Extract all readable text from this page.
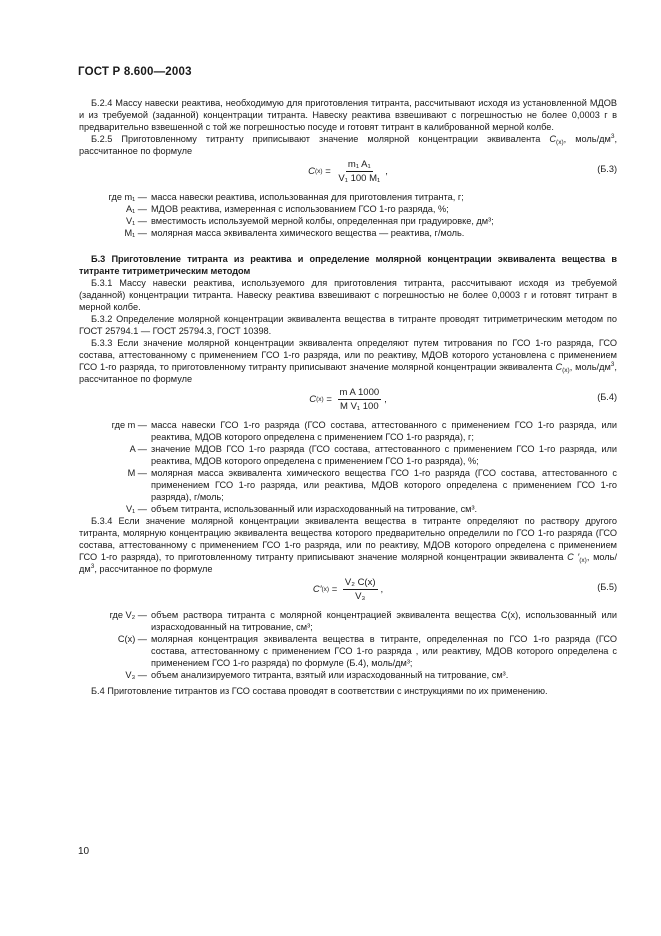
ГОСТ Р 8.600—2003

Б.2.4 Массу навески реактива, необходимую для приготовления титранта, рассчитывают исходя из установленной МДОВ и из требуемой (заданной) концентрации титранта. Навеску реактива взвешивают с погрешностью не более 0,0003 г в предварительно взвешенной с той же погрешностью посуде и готовят титрант в калиброванной мерной колбе.

Б.2.5 Приготовленному титранту приписывают значение молярной концентрации эквивалента $C_{(x)}$, моль/$дм^3$, рассчитанное по формуле

C $(x) = \frac{\text{m₁ A₁}}{\text{V₁ 100 M₁}}$ ,	(Б.3)
где m₁ — масса навески реактива, использованная для приготовления титранта, г;
A₁ — МДОВ реактива, измеренная с использованием ГСО 1-го разряда, %;
V₁ — вместимость используемой мерной колбы, определенная при градуировке, дм³;
M₁ — молярная масса эквивалента химического вещества — реактива, г/моль.

Б.3 Приготовление титранта из реактива и определение молярной концентрации эквивалента вещества в титранте титриметрическим методом

Б.3.1 Массу навески реактива, используемого для приготовления титранта, рассчитывают исходя из требуемой (заданной) концентрации титранта. Навеску реактива взвешивают с погрешностью не более 0,0003 г и готовят титрант в мерной колбе.

Б.3.2 Определение молярной концентрации эквивалента вещества в титранте проводят титриметрическим методом по ГОСТ 25794.1 — ГОСТ 25794.3, ГОСТ 10398.

Б.3.3 Если значение молярной концентрации эквивалента определяют путем титрования по ГСО 1-го разряда, ГСО состава, аттестованному с применением ГСО 1-го разряда, или по реактиву, МДОВ которого установлена с применением ГСО 1-го разряда, то приготовленному титранту приписывают значение молярной концентрации эквивалента $C_{(x)}$, моль/$дм^3$, рассчитанное по формуле

C $(x) = \frac{\text{m A 1000}}{\text{M V₁ 100}}$ ,	(Б.4)
где m — масса навески ГСО 1-го разряда (ГСО состава, аттестованного с применением ГСО 1-го разряда, или реактива, МДОВ которого определена с применением ГСО 1-го разряда), г;
A — значение МДОВ ГСО 1-го разряда (ГСО состава, аттестованного с применением ГСО 1-го разряда, или реактива, МДОВ которого определена с применением ГСО 1-го разряда), %;
M — молярная масса эквивалента химического вещества ГСО 1-го разряда (ГСО состава, аттестованного с применением ГСО 1-го разряда, или реактива, МДОВ которого определена с применением ГСО 1-го разряда), г/моль;
V₁ — объем титранта, использованный или израсходованный на титрование, см³.

Б.3.4 Если значение молярной концентрации эквивалента вещества в титранте определяют по раствору другого титранта, молярную концентрацию эквивалента вещества которого предварительно определили по ГСО 1-го разряда (ГСО состава, аттестованному с применением ГСО 1-го разряда, или по реактиву, МДОВ которого определена с применением ГСО 1-го разряда), то приготовленному титранту приписывают значение молярной концентрации эквивалента C $'_{(x)}$, моль/$дм^3$, рассчитанное по формуле

C′ $(x) = \frac{\text{V₂ C(x)}}{\text{V₃}}$ ,	(Б.5)
где V₂ — объем раствора титранта с молярной концентрацией эквивалента вещества C(x), использованный или израсходованный на титрование, см³;
C(x) — молярная концентрация эквивалента вещества в титранте, определенная по ГСО 1-го разряда (ГСО состава, аттестованному с применением ГСО 1-го разряда , или реактиву, МДОВ которого определена с применением ГСО 1-го разряда) по формуле (Б.4), моль/дм³;
V₃ — объем анализируемого титранта, взятый или израсходованный на титрование, см³.

Б.4 Приготовление титрантов из ГСО состава проводят в соответствии с инструкциями по их применению.

10
